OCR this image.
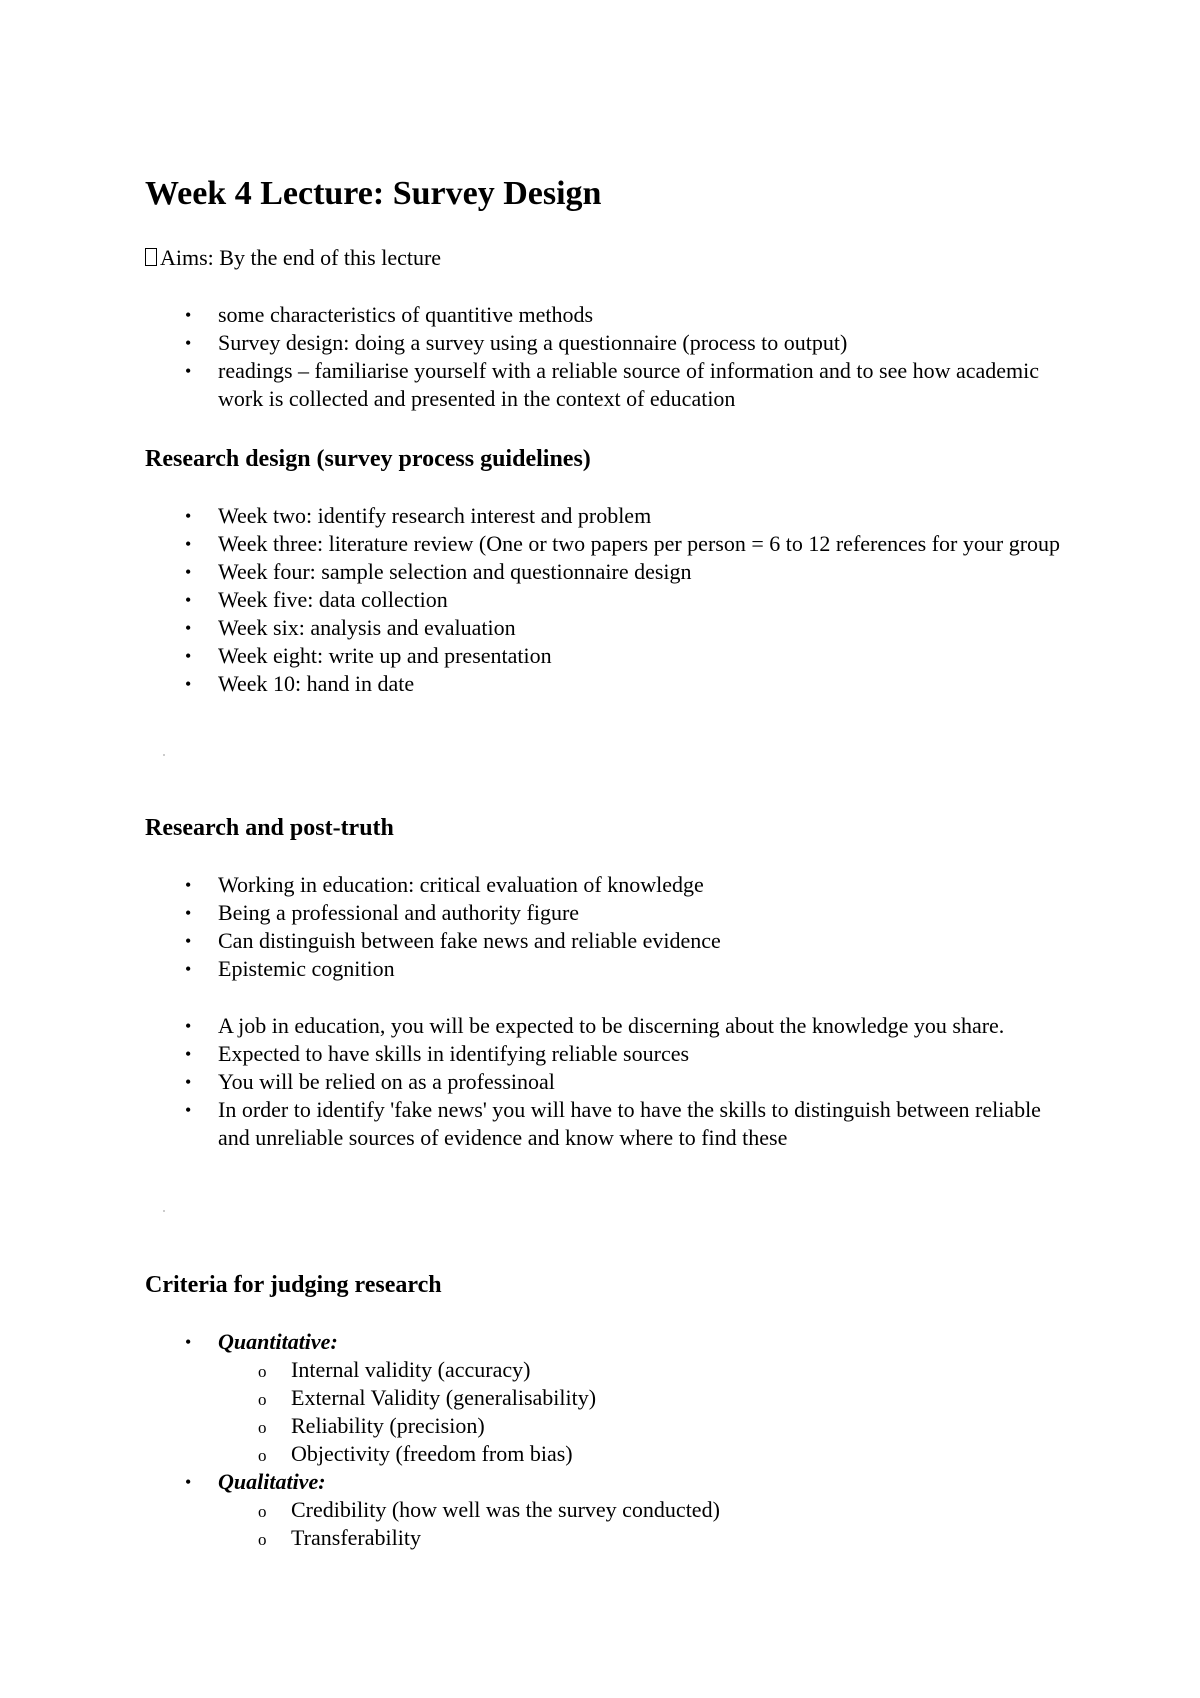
Week 4 Lecture: Survey Design

Aims: By the end of this lecture

• some characteristics of quantitive methods
• Survey design: doing a survey using a questionnaire (process to output)
• readings – familiarise yourself with a reliable source of information and to see how academic work is collected and presented in the context of education
Research design (survey process guidelines)
• Week two: identify research interest and problem
• Week three: literature review (One or two papers per person = 6 to 12 references for your group
• Week four: sample selection and questionnaire design
• Week five: data collection
• Week six: analysis and evaluation
• Week eight: write up and presentation
• Week 10: hand in date
Research and post-truth
• Working in education: critical evaluation of knowledge
• Being a professional and authority figure
• Can distinguish between fake news and reliable evidence
• Epistemic cognition
• A job in education, you will be expected to be discerning about the knowledge you share.
• Expected to have skills in identifying reliable sources
• You will be relied on as a professinoal
• In order to identify 'fake news' you will have to have the skills to distinguish between reliable and unreliable sources of evidence and know where to find these
Criteria for judging research
• Quantitative:
o Internal validity (accuracy)
o External Validity (generalisability)
o Reliability (precision)
o Objectivity (freedom from bias)
• Qualitative:
o Credibility (how well was the survey conducted)
o Transferability
